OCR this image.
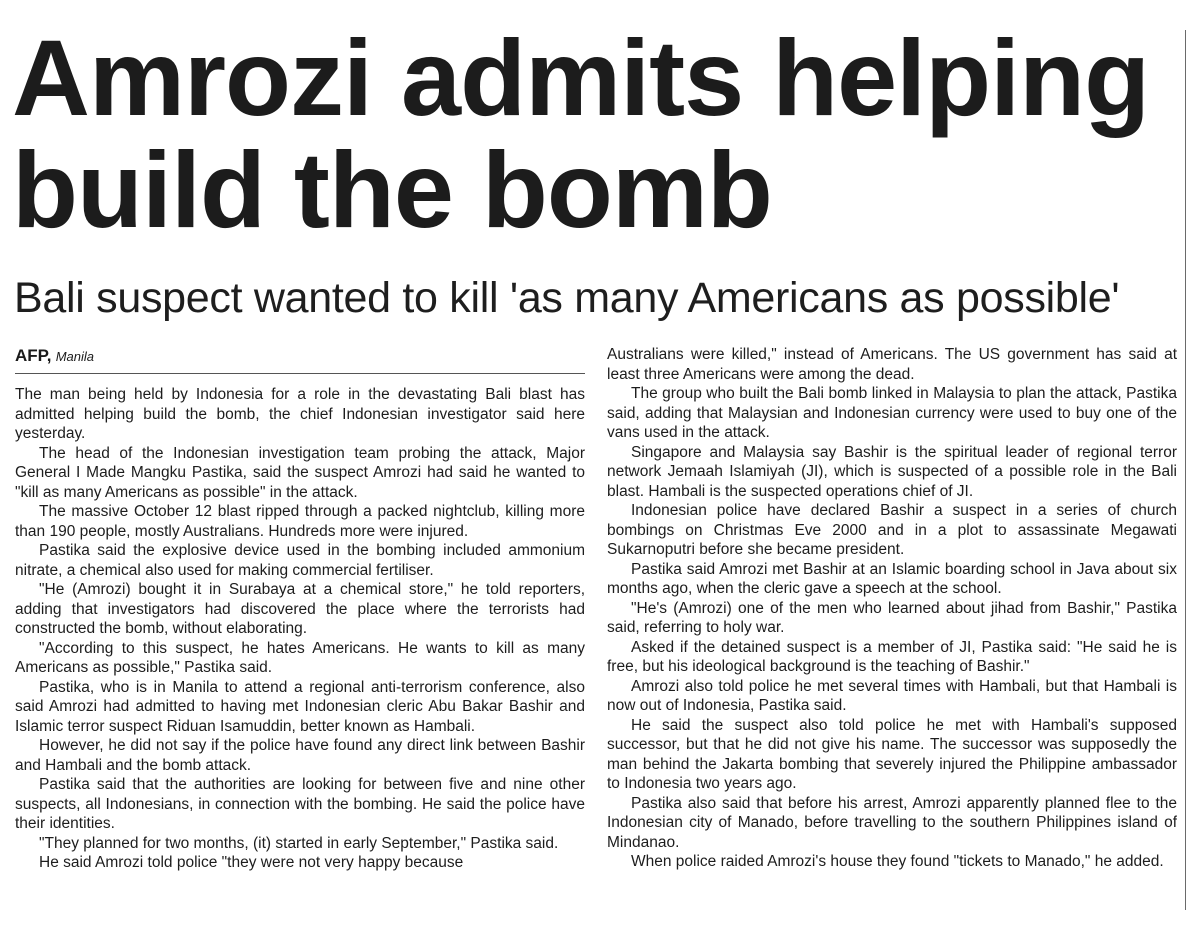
Amrozi admits helping build the bomb
Bali suspect wanted to kill 'as many Americans as possible'
AFP, Manila

The man being held by Indonesia for a role in the devastating Bali blast has admitted helping build the bomb, the chief Indonesian investigator said here yesterday.

The head of the Indonesian investigation team probing the attack, Major General I Made Mangku Pastika, said the suspect Amrozi had said he wanted to "kill as many Americans as possible" in the attack.

The massive October 12 blast ripped through a packed nightclub, killing more than 190 people, mostly Australians. Hundreds more were injured.

Pastika said the explosive device used in the bombing included ammonium nitrate, a chemical also used for making commercial fertiliser.

"He (Amrozi) bought it in Surabaya at a chemical store," he told reporters, adding that investigators had discovered the place where the terrorists had constructed the bomb, without elaborating.

"According to this suspect, he hates Americans. He wants to kill as many Americans as possible," Pastika said.

Pastika, who is in Manila to attend a regional anti-terrorism conference, also said Amrozi had admitted to having met Indonesian cleric Abu Bakar Bashir and Islamic terror suspect Riduan Isamuddin, better known as Hambali.

However, he did not say if the police have found any direct link between Bashir and Hambali and the bomb attack.

Pastika said that the authorities are looking for between five and nine other suspects, all Indonesians, in connection with the bombing. He said the police have their identities.

"They planned for two months, (it) started in early September," Pastika said.

He said Amrozi told police "they were not very happy because

Australians were killed," instead of Americans. The US government has said at least three Americans were among the dead.

The group who built the Bali bomb linked in Malaysia to plan the attack, Pastika said, adding that Malaysian and Indonesian currency were used to buy one of the vans used in the attack.

Singapore and Malaysia say Bashir is the spiritual leader of regional terror network Jemaah Islamiyah (JI), which is suspected of a possible role in the Bali blast. Hambali is the suspected operations chief of JI.

Indonesian police have declared Bashir a suspect in a series of church bombings on Christmas Eve 2000 and in a plot to assassinate Megawati Sukarnoputri before she became president.

Pastika said Amrozi met Bashir at an Islamic boarding school in Java about six months ago, when the cleric gave a speech at the school.

"He's (Amrozi) one of the men who learned about jihad from Bashir," Pastika said, referring to holy war.

Asked if the detained suspect is a member of JI, Pastika said: "He said he is free, but his ideological background is the teaching of Bashir."

Amrozi also told police he met several times with Hambali, but that Hambali is now out of Indonesia, Pastika said.

He said the suspect also told police he met with Hambali's supposed successor, but that he did not give his name. The successor was supposedly the man behind the Jakarta bombing that severely injured the Philippine ambassador to Indonesia two years ago.

Pastika also said that before his arrest, Amrozi apparently planned flee to the Indonesian city of Manado, before travelling to the southern Philippines island of Mindanao.

When police raided Amrozi's house they found "tickets to Manado," he added.
